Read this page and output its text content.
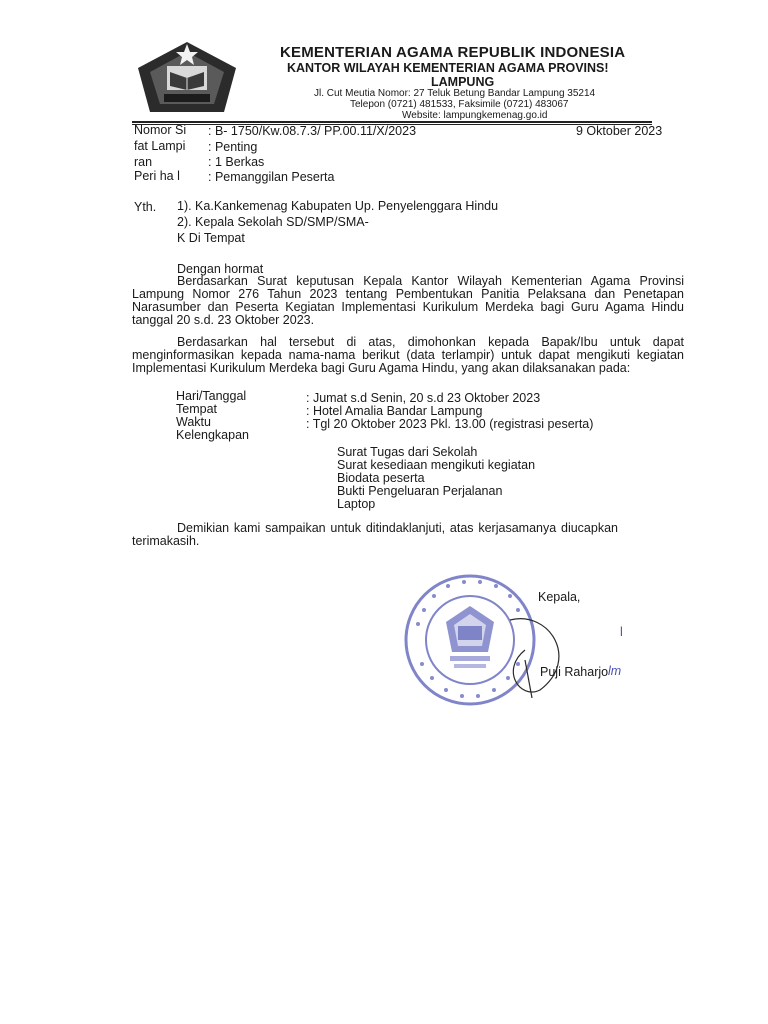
KEMENTERIAN AGAMA REPUBLIK INDONESIA
KANTOR WILAYAH KEMENTERIAN AGAMA PROVINS!
LAMPUNG
Jl. Cut Meutia Nomor: 27 Teluk Betung Bandar Lampung 35214
Telepon (0721) 481533, Faksimile (0721) 483067
Website: lampungkemenag.go.id
Nomor Si : B- 1750/Kw.08.7.3/ PP.00.11/X/2023	9 Oktober 2023
fat Lampi : Penting
ran	: 1 Berkas
Peri ha l : Pemanggilan Peserta
Yth. 1). Ka.Kankemenag Kabupaten Up. Penyelenggara Hindu
2). Kepala Sekolah SD/SMP/SMA-
K Di Tempat
Dengan hormat
Berdasarkan Surat keputusan Kepala Kantor Wilayah Kementerian Agama Provinsi Lampung Nomor 276 Tahun 2023 tentang Pembentukan Panitia Pelaksana dan Penetapan Narasumber dan Peserta Kegiatan Implementasi Kurikulum Merdeka bagi Guru Agama Hindu tanggal 20 s.d. 23 Oktober 2023.
Berdasarkan hal tersebut di atas, dimohonkan kepada Bapak/Ibu untuk dapat menginformasikan kepada nama-nama berikut (data terlampir) untuk dapat mengikuti kegiatan Implementasi Kurikulum Merdeka bagi Guru Agama Hindu, yang akan dilaksanakan pada:
Hari/Tanggal	: Jumat s.d Senin, 20 s.d 23 Oktober 2023
Tempat	: Hotel Amalia Bandar Lampung
Waktu	: Tgl 20 Oktober 2023 Pkl. 13.00 (registrasi peserta)
Kelengkapan
Surat Tugas dari Sekolah
Surat kesediaan mengikuti kegiatan
Biodata peserta
Bukti Pengeluaran Perjalanan
Laptop
Demikian kami sampaikan untuk ditindaklanjuti, atas kerjasamanya diucapkan terimakasih.
Kepala,
l
Puji Raharjo lm
